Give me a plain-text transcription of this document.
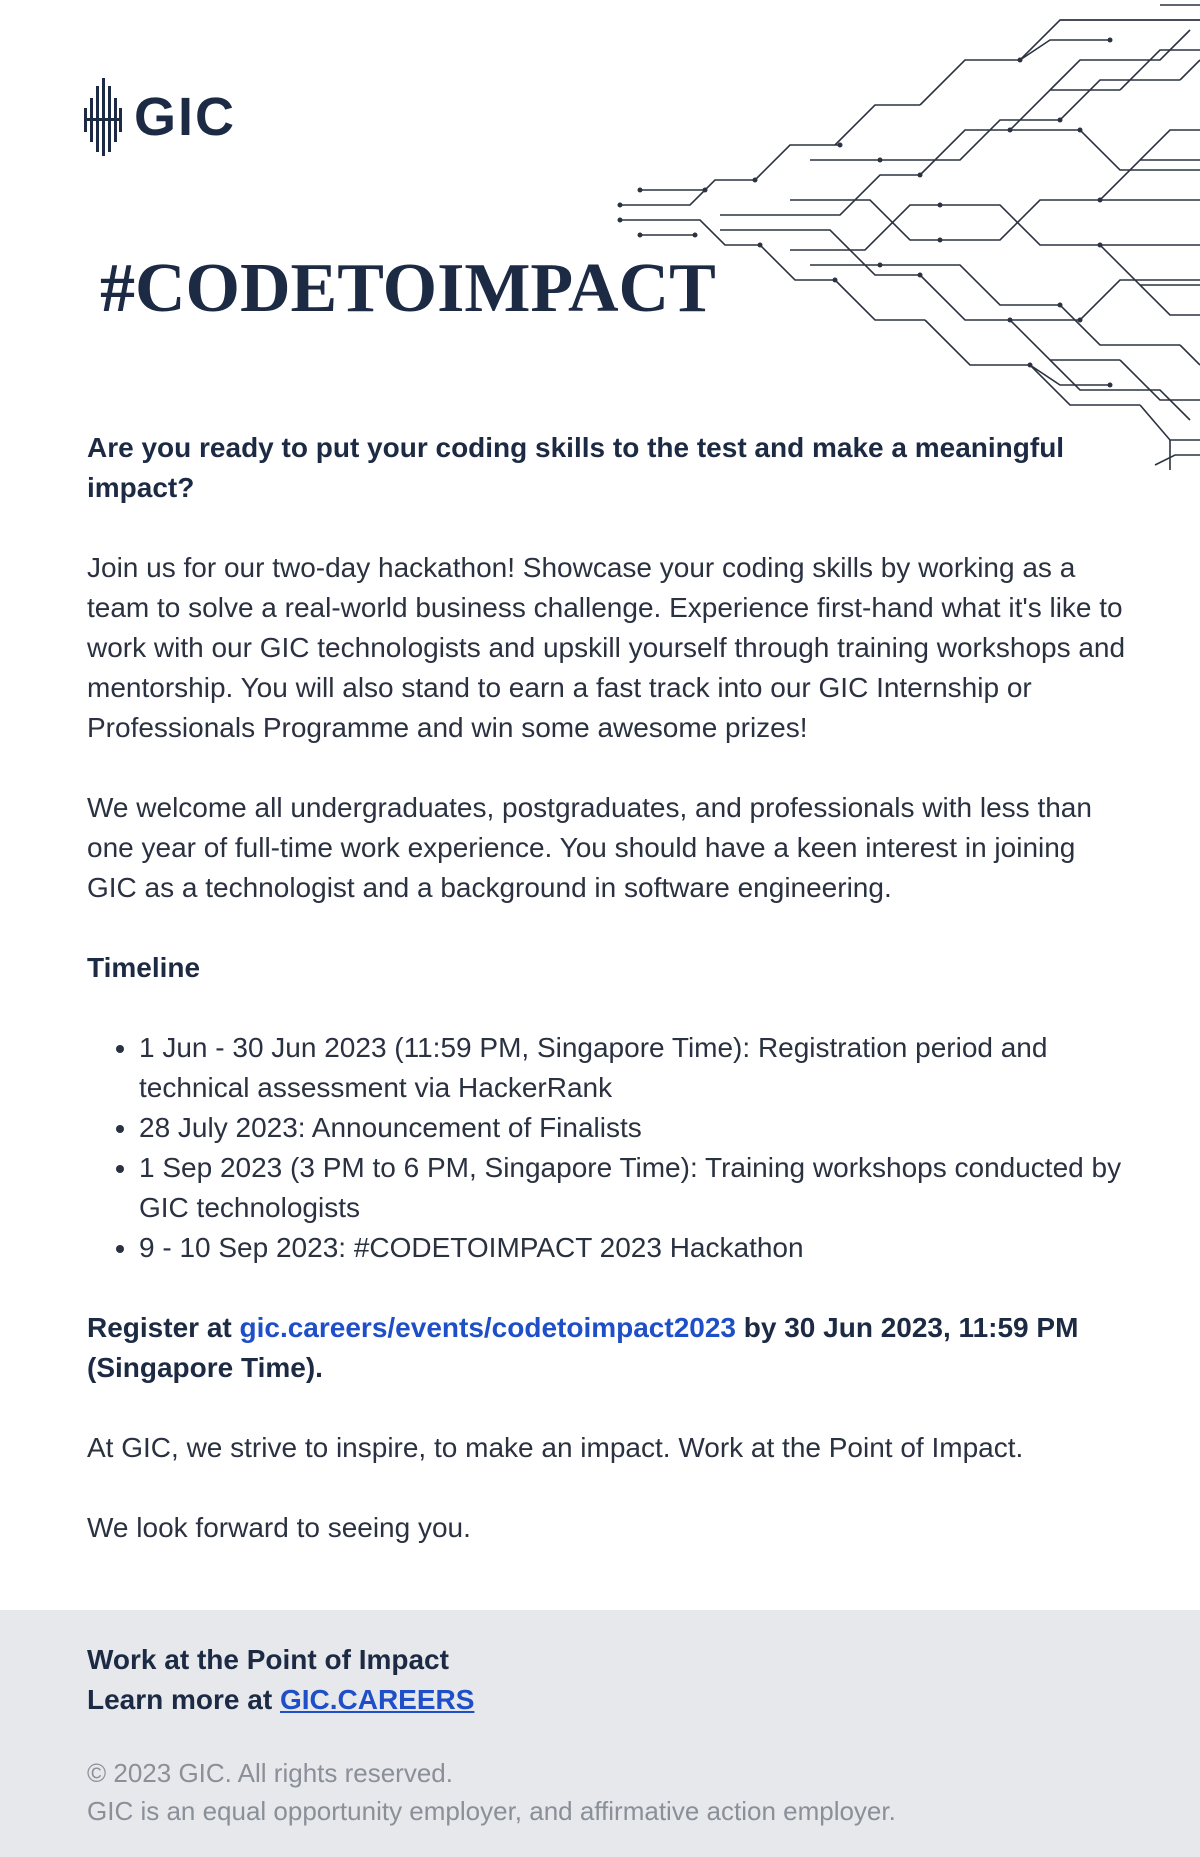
GIC
#CODETOIMPACT

Are you ready to put your coding skills to the test and make a meaningful impact?

Join us for our two-day hackathon! Showcase your coding skills by working as a team to solve a real-world business challenge. Experience first-hand what it's like to work with our GIC technologists and upskill yourself through training workshops and mentorship. You will also stand to earn a fast track into our GIC Internship or Professionals Programme and win some awesome prizes!

We welcome all undergraduates, postgraduates, and professionals with less than one year of full-time work experience. You should have a keen interest in joining GIC as a technologist and a background in software engineering.

Timeline
• 1 Jun - 30 Jun 2023 (11:59 PM, Singapore Time): Registration period and technical assessment via HackerRank
• 28 July 2023: Announcement of Finalists
• 1 Sep 2023 (3 PM to 6 PM, Singapore Time): Training workshops conducted by GIC technologists
• 9 - 10 Sep 2023: #CODETOIMPACT 2023 Hackathon

Register at gic.careers/events/codetoimpact2023 by 30 Jun 2023, 11:59 PM (Singapore Time).

At GIC, we strive to inspire, to make an impact. Work at the Point of Impact.

We look forward to seeing you.

Work at the Point of Impact
Learn more at GIC.CAREERS
© 2023 GIC. All rights reserved.
GIC is an equal opportunity employer, and affirmative action employer.
